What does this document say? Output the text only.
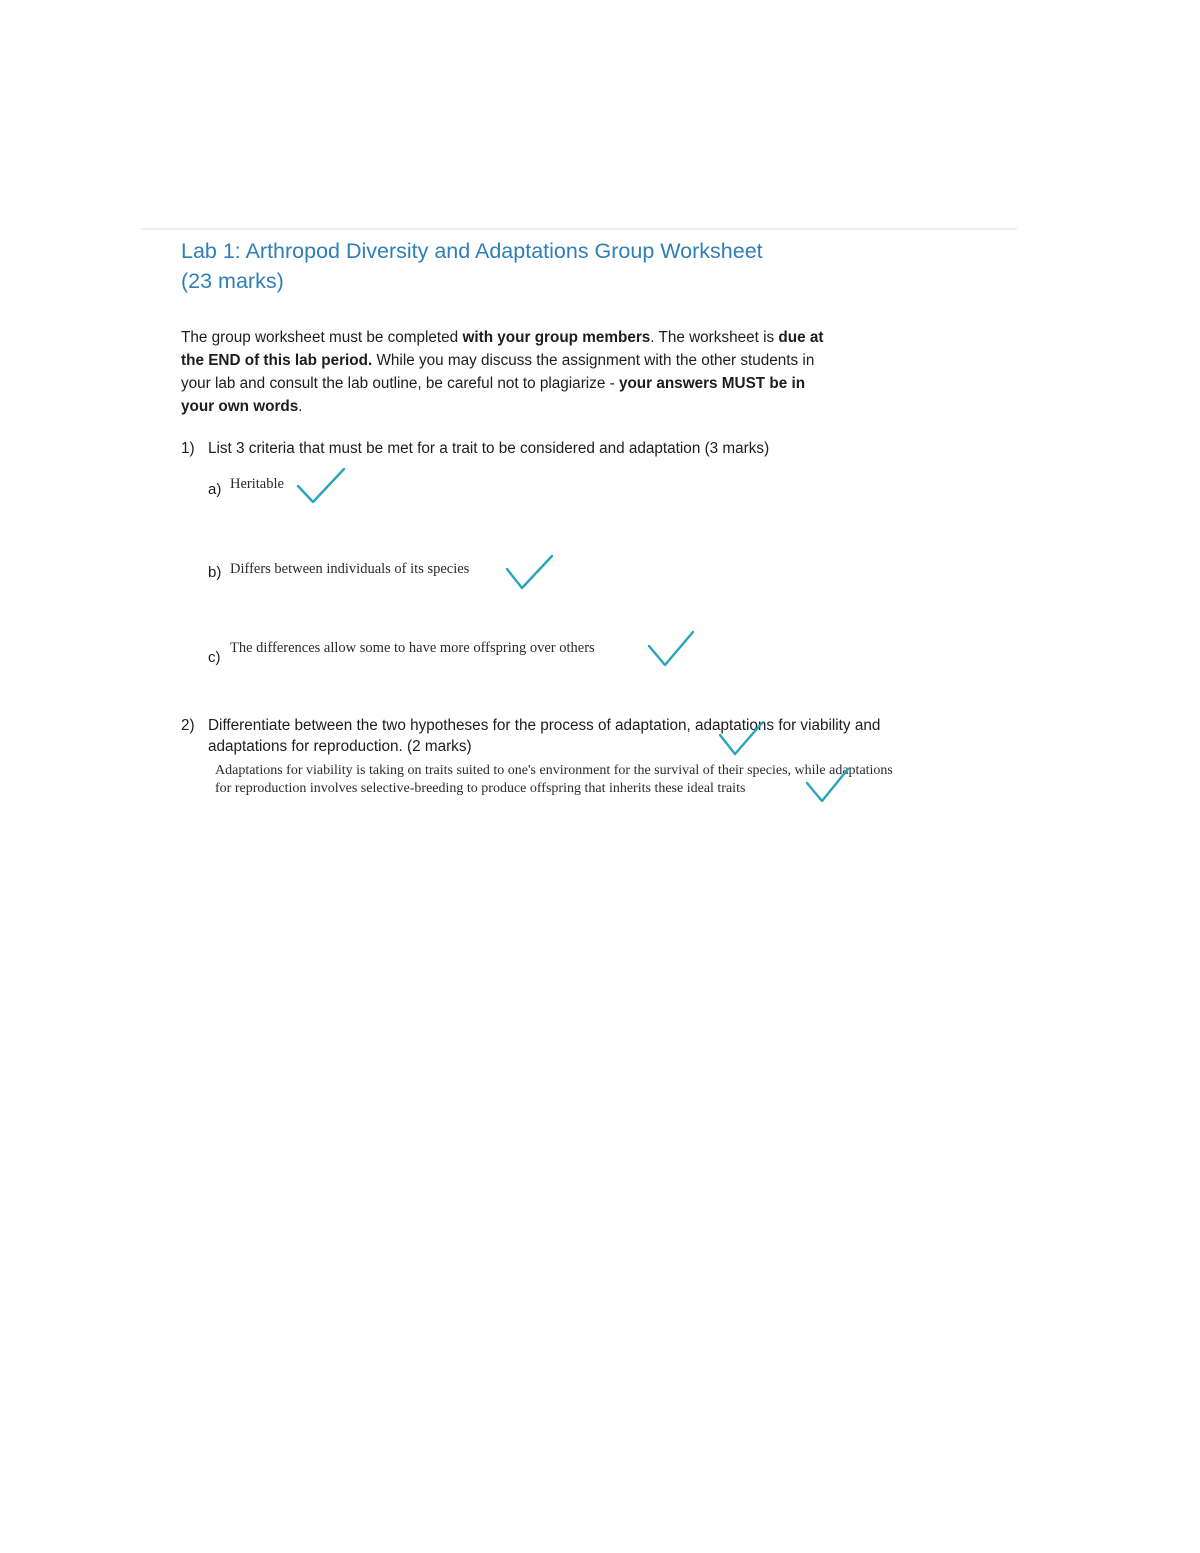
Lab 1: Arthropod Diversity and Adaptations Group Worksheet
(23 marks)

The group worksheet must be completed with your group members. The worksheet is due at
the END of this lab period. While you may discuss the assignment with the other students in
your lab and consult the lab outline, be careful not to plagiarize - your answers MUST be in
your own words.

1) List 3 criteria that must be met for a trait to be considered and adaptation (3 marks)

a) Heritable
b) Differs between individuals of its species
c)
The differences allow some to have more offspring over others

2) Differentiate between the two hypotheses for the process of adaptation, adaptations for viability and
adaptations for reproduction. (2 marks)

Adaptations for viability is taking on traits suited to one's environment for the survival of their species, while adaptations
for reproduction involves selective-breeding to produce offspring that inherits these ideal traits
